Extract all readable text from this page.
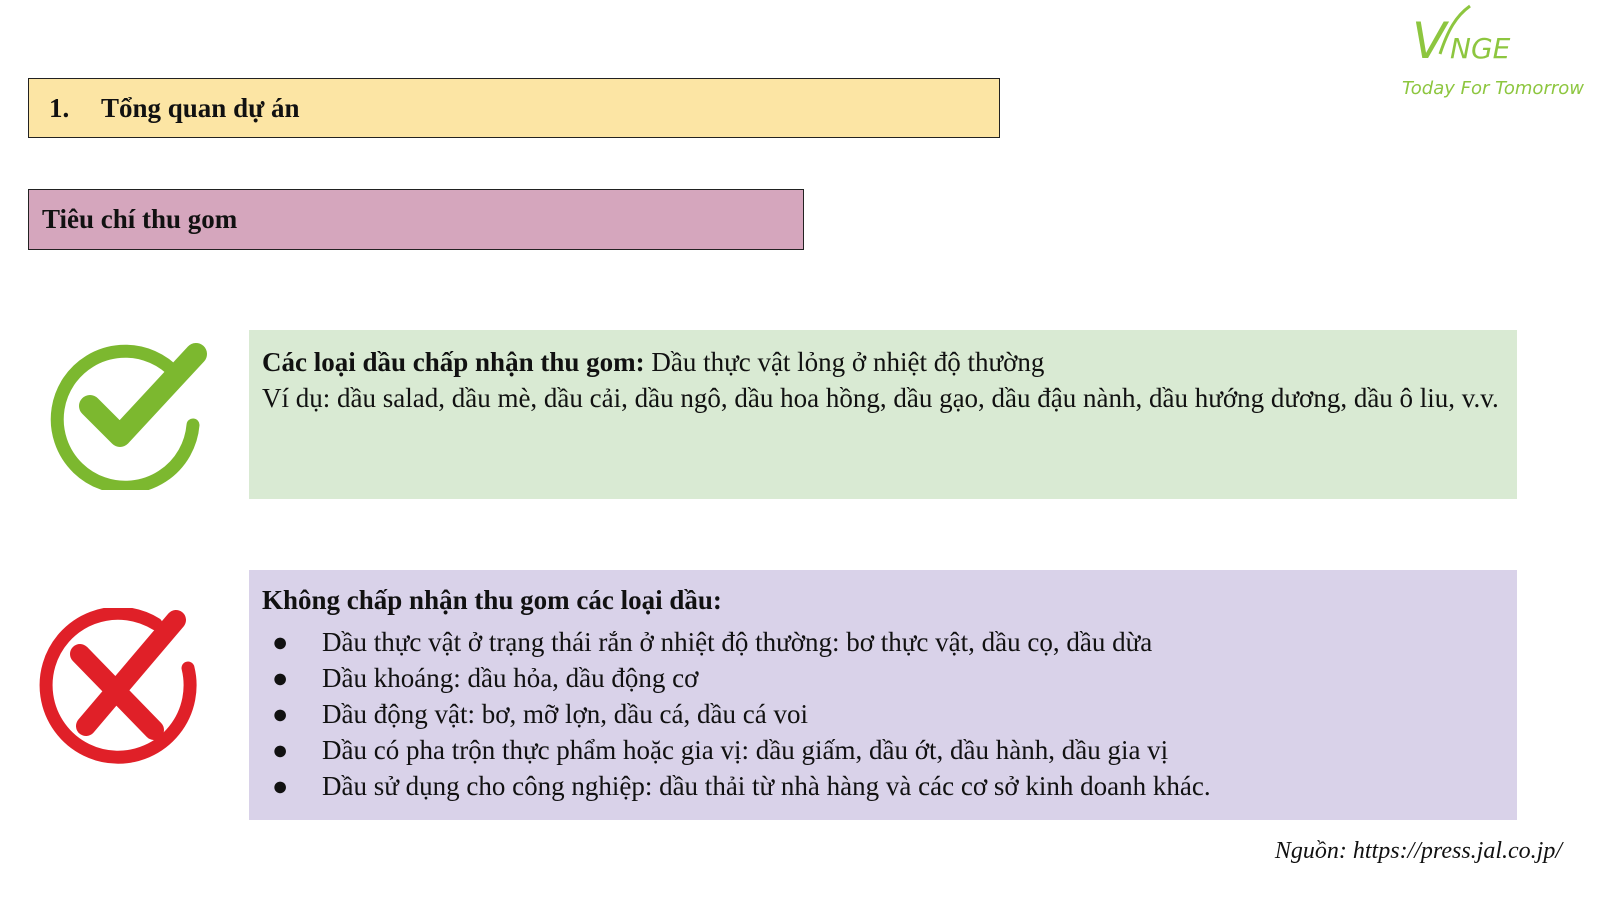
V NGE
Today For Tomorrow
1.	Tổng quan dự án
Tiêu chí thu gom
Các loại dầu chấp nhận thu gom: Dầu thực vật lỏng ở nhiệt độ thường
Ví dụ: dầu salad, dầu mè, dầu cải, dầu ngô, dầu hoa hồng, dầu gạo, dầu đậu nành, dầu hướng dương, dầu ô liu, v.v.
Không chấp nhận thu gom các loại dầu:
● Dầu thực vật ở trạng thái rắn ở nhiệt độ thường: bơ thực vật, dầu cọ, dầu dừa
● Dầu khoáng: dầu hỏa, dầu động cơ
● Dầu động vật: bơ, mỡ lợn, dầu cá, dầu cá voi
● Dầu có pha trộn thực phẩm hoặc gia vị: dầu giấm, dầu ớt, dầu hành, dầu gia vị
● Dầu sử dụng cho công nghiệp: dầu thải từ nhà hàng và các cơ sở kinh doanh khác.
Nguồn: https://press.jal.co.jp/
